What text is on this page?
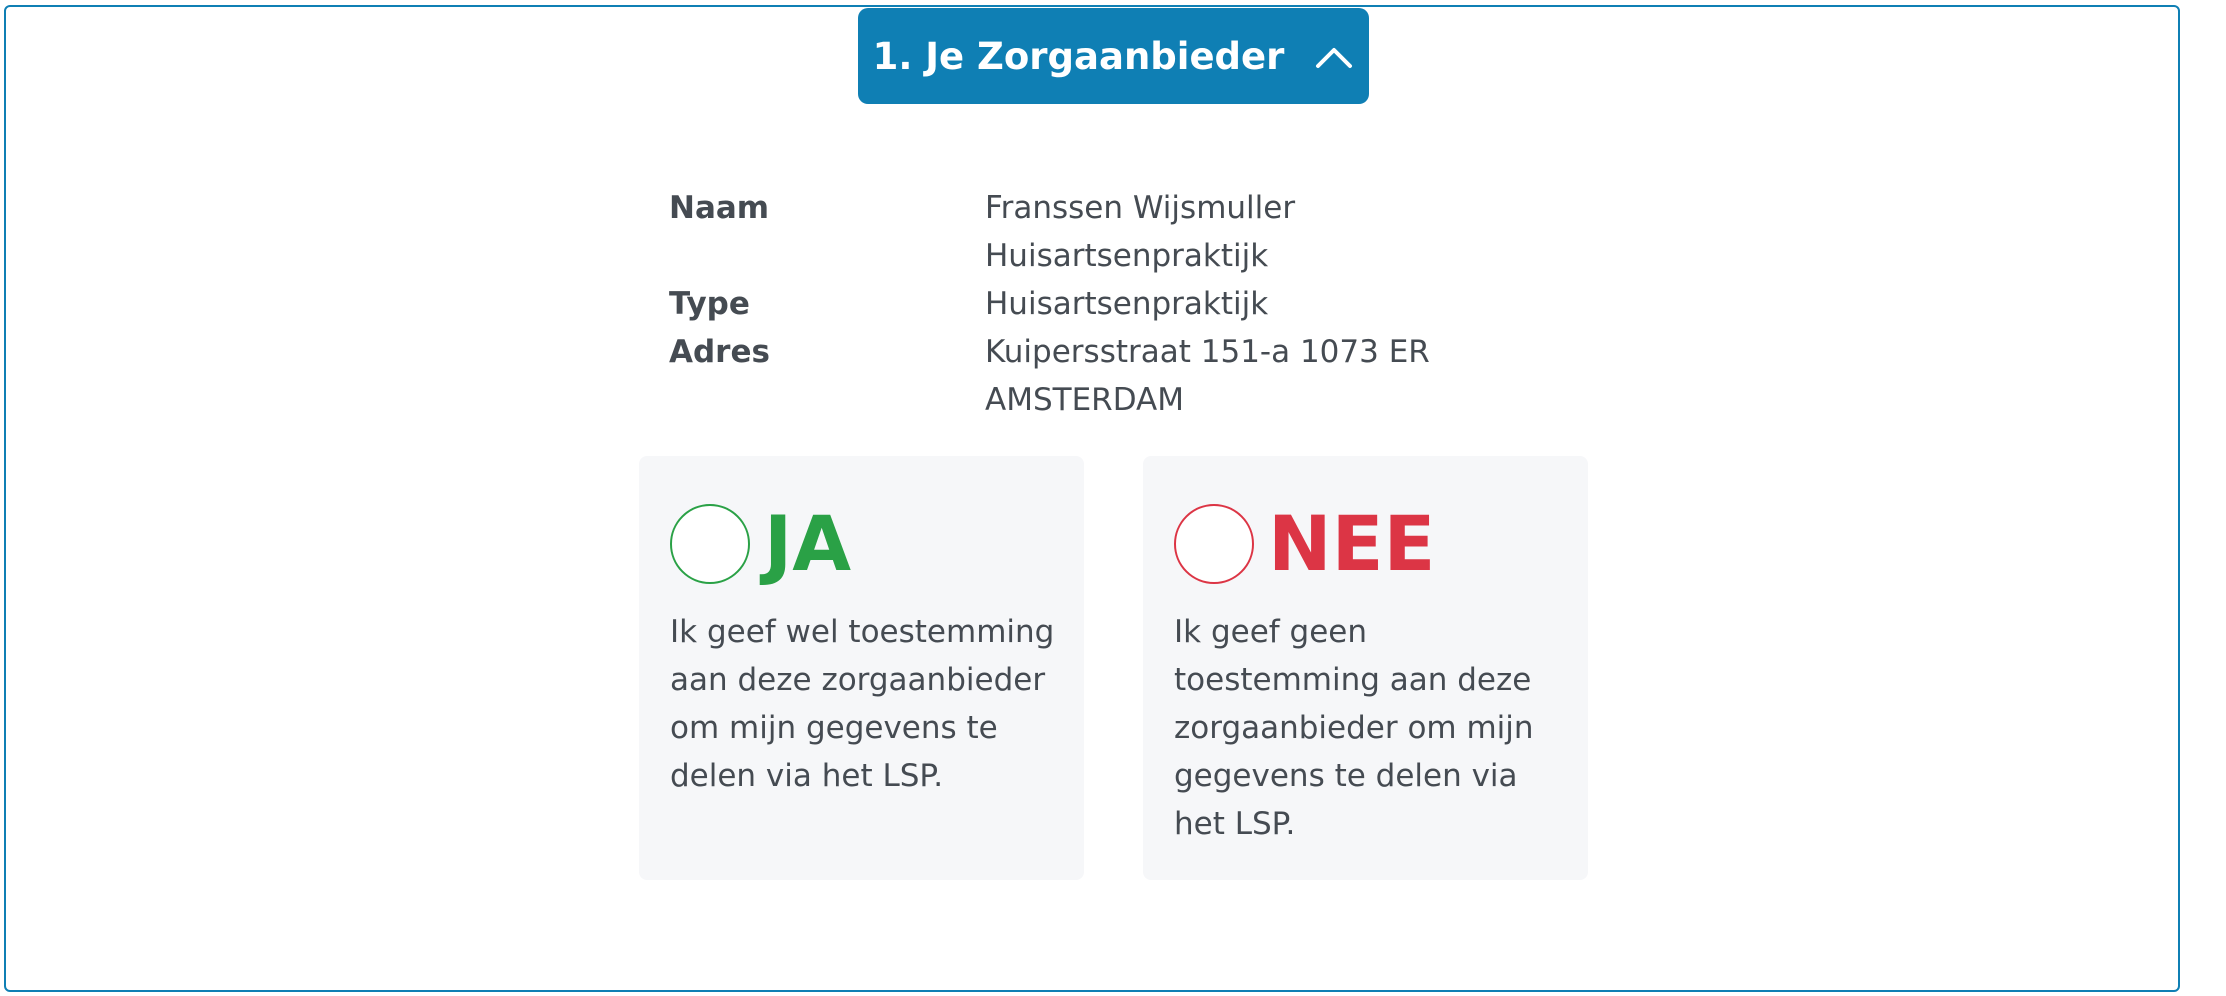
1. Je Zorgaanbieder
Naam	Franssen Wijsmuller Huisartsenpraktijk
Type	Huisartsenpraktijk
Adres	Kuipersstraat 151-a 1073 ER AMSTERDAM
JA
Ik geef wel toestemming aan deze zorgaanbieder om mijn gegevens te delen via het LSP.
NEE
Ik geef geen toestemming aan deze zorgaanbieder om mijn gegevens te delen via het LSP.
